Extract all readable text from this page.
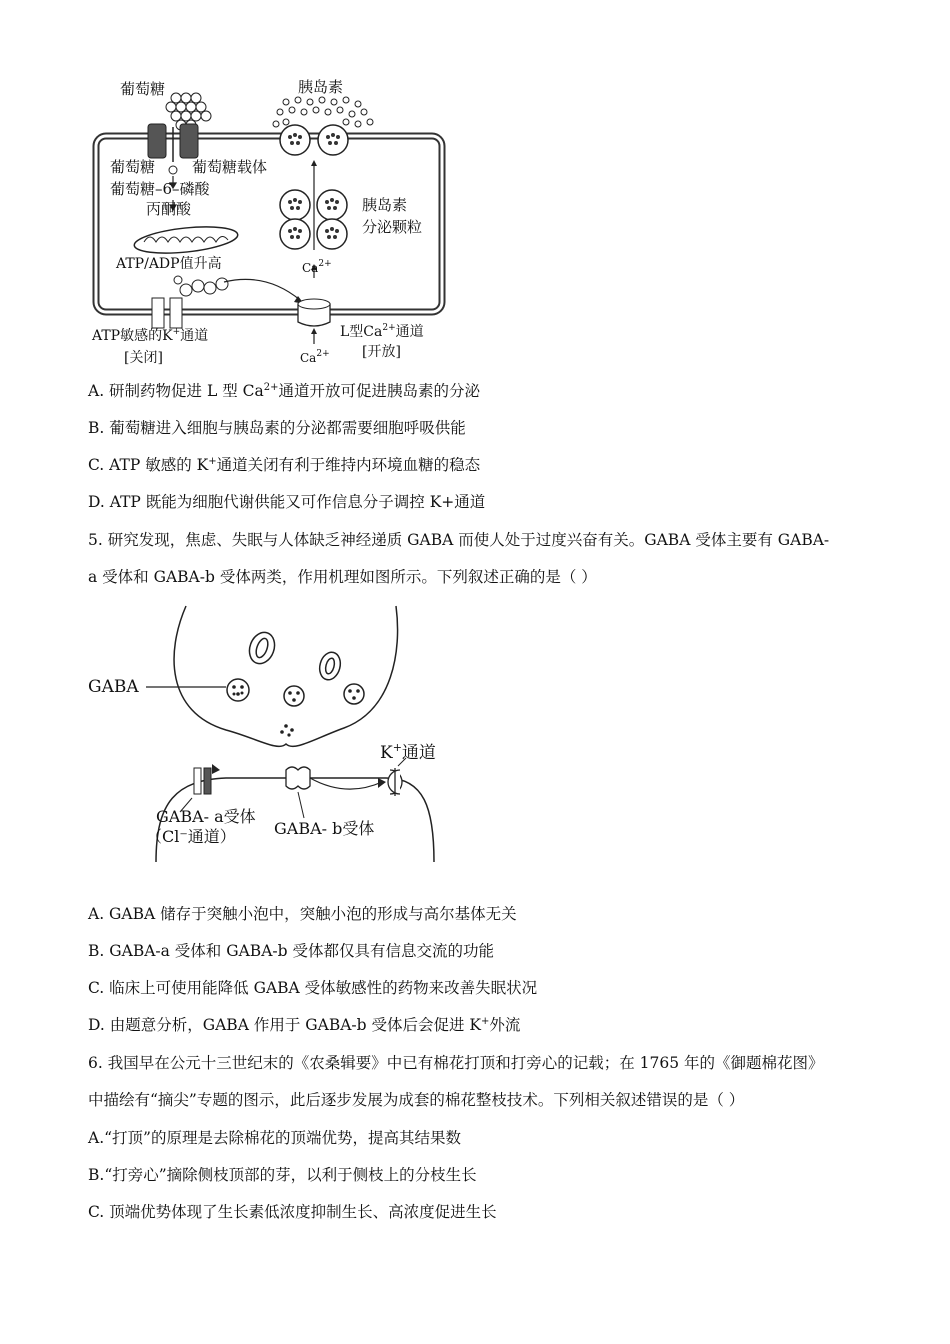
葡萄糖	胰岛素
葡萄糖 葡萄糖载体
葡萄糖–6–磷酸
丙酮酸	胰岛素
分泌颗粒
$Ca^{2+}$
ATP/ADP值升高
ATP敏感的K+通道
[关闭]
L型$Ca^{2+}$通道
[开放]
$Ca^{2+}$
A. 研制药物促进 L 型 $Ca^{2+}$通道开放可促进胰岛素的分泌
B. 葡萄糖进入细胞与胰岛素的分泌都需要细胞呼吸供能
C. ATP 敏感的 K+通道关闭有利于维持内环境血糖的稳态
D. ATP 既能为细胞代谢供能又可作信息分子调控 K+通道
5. 研究发现，焦虑、失眠与人体缺乏神经递质 GABA 而使人处于过度兴奋有关。GABA 受体主要有 GABA-
a 受体和 GABA-b 受体两类，作用机理如图所示。下列叙述正确的是（ ）
GABA
K+通道
GABA- a受体
（Cl⁻通道） GABA- b受体
A. GABA 储存于突触小泡中，突触小泡的形成与高尔基体无关
B. GABA-a 受体和 GABA-b 受体都仅具有信息交流的功能
C. 临床上可使用能降低 GABA 受体敏感性的药物来改善失眠状况
D. 由题意分析，GABA 作用于 GABA-b 受体后会促进 K+外流
6. 我国早在公元十三世纪末的《农桑辑要》中已有棉花打顶和打旁心的记载；在 1765 年的《御题棉花图》
中描绘有“摘尖”专题的图示，此后逐步发展为成套的棉花整枝技术。下列相关叙述错误的是（ ）
A.“打顶”的原理是去除棉花的顶端优势，提高其结果数
B.“打旁心”摘除侧枝顶部的芽，以利于侧枝上的分枝生长
C. 顶端优势体现了生长素低浓度抑制生长、高浓度促进生长
